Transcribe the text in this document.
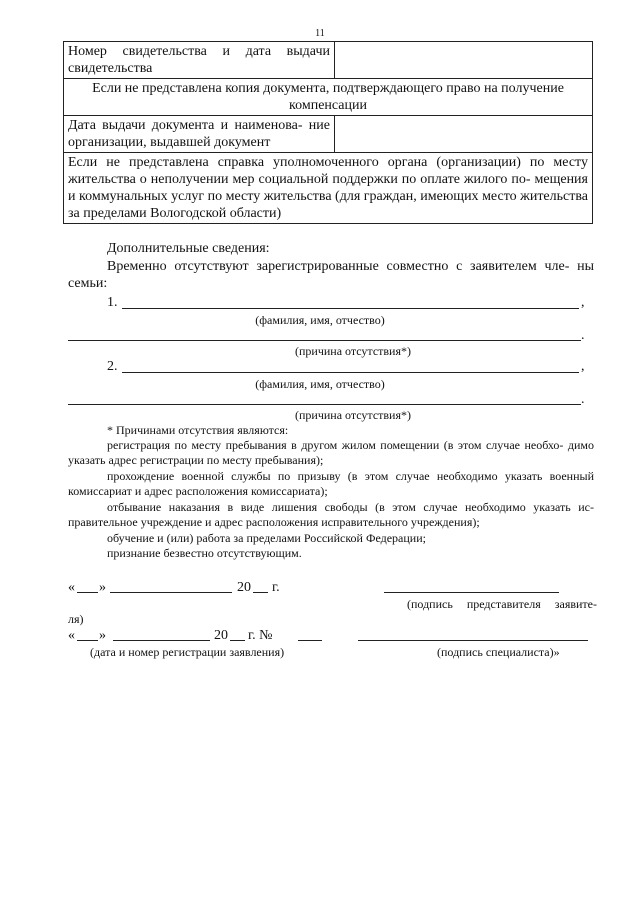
11
Номер свидетельства и дата выдачи свидетельства	
Если не представлена копия документа, подтверждающего право на получение компенсации	
Дата выдачи документа и наименова- ние организации, выдавшей документ	
Если не представлена справка уполномоченного органа (организации) по месту жительства о неполучении мер социальной поддержки по оплате жилого по- мещения и коммунальных услуг по месту жительства (для граждан, имеющих место жительства за пределами Вологодской области)	
Дополнительные сведения:
Временно отсутствуют зарегистрированные совместно с заявителем чле- ны семьи:
1.	,
(фамилия, имя, отчество)
.
(причина отсутствия*)
2.	,
(фамилия, имя, отчество)
.
(причина отсутствия*)
* Причинами отсутствия являются:
регистрация по месту пребывания в другом жилом помещении (в этом случае необхо- димо указать адрес регистрации по месту пребывания);
прохождение военной службы по призыву (в этом случае необходимо указать военный комиссариат и адрес расположения комиссариата);
отбывание наказания в виде лишения свободы (в этом случае необходимо указать ис- правительное учреждение и адрес расположения исправительного учреждения);
обучение и (или) работа за пределами Российской Федерации;
признание безвестно отсутствующим.
« »	20 г.
(подпись представителя заявите-
ля)
« »	20 г. №
(дата и номер регистрации заявления)	(подпись специалиста)»
